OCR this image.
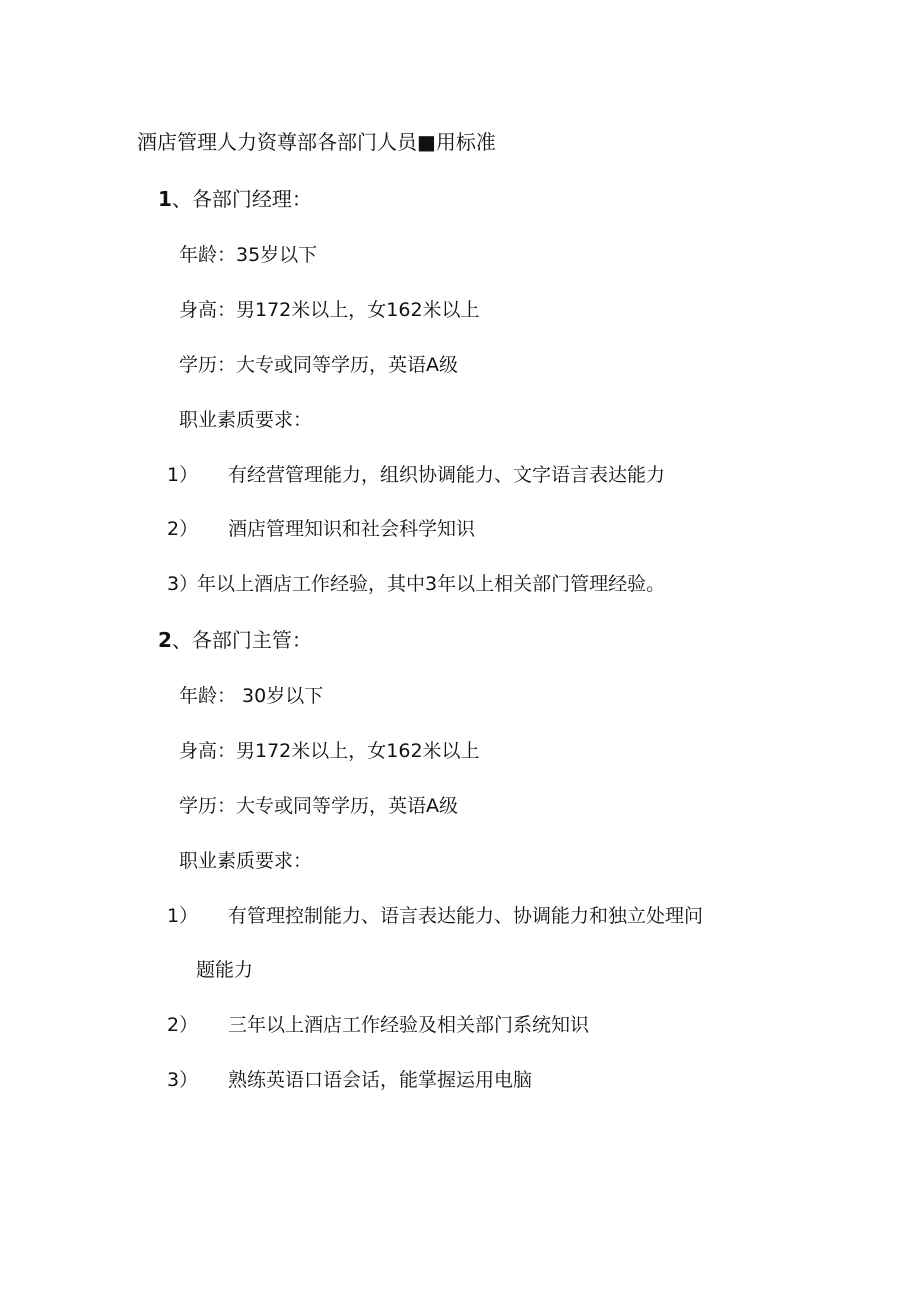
酒店管理人力资尊部各部门人员■用标准
1、各部门经理：
年龄：35岁以下
身高：男172米以上，女162米以上
学历：大专或同等学历，英语A级
职业素质要求：
1） 有经营管理能力，组织协调能力、文字语言表达能力
2） 酒店管理知识和社会科学知识
3）年以上酒店工作经验，其中3年以上相关部门管理经验。
2、各部门主管：
年龄： 30岁以下
身高：男172米以上，女162米以上
学历：大专或同等学历，英语A级
职业素质要求：
1） 有管理控制能力、语言表达能力、协调能力和独立处理问
题能力
2） 三年以上酒店工作经验及相关部门系统知识
3） 熟练英语口语会话，能掌握运用电脑
